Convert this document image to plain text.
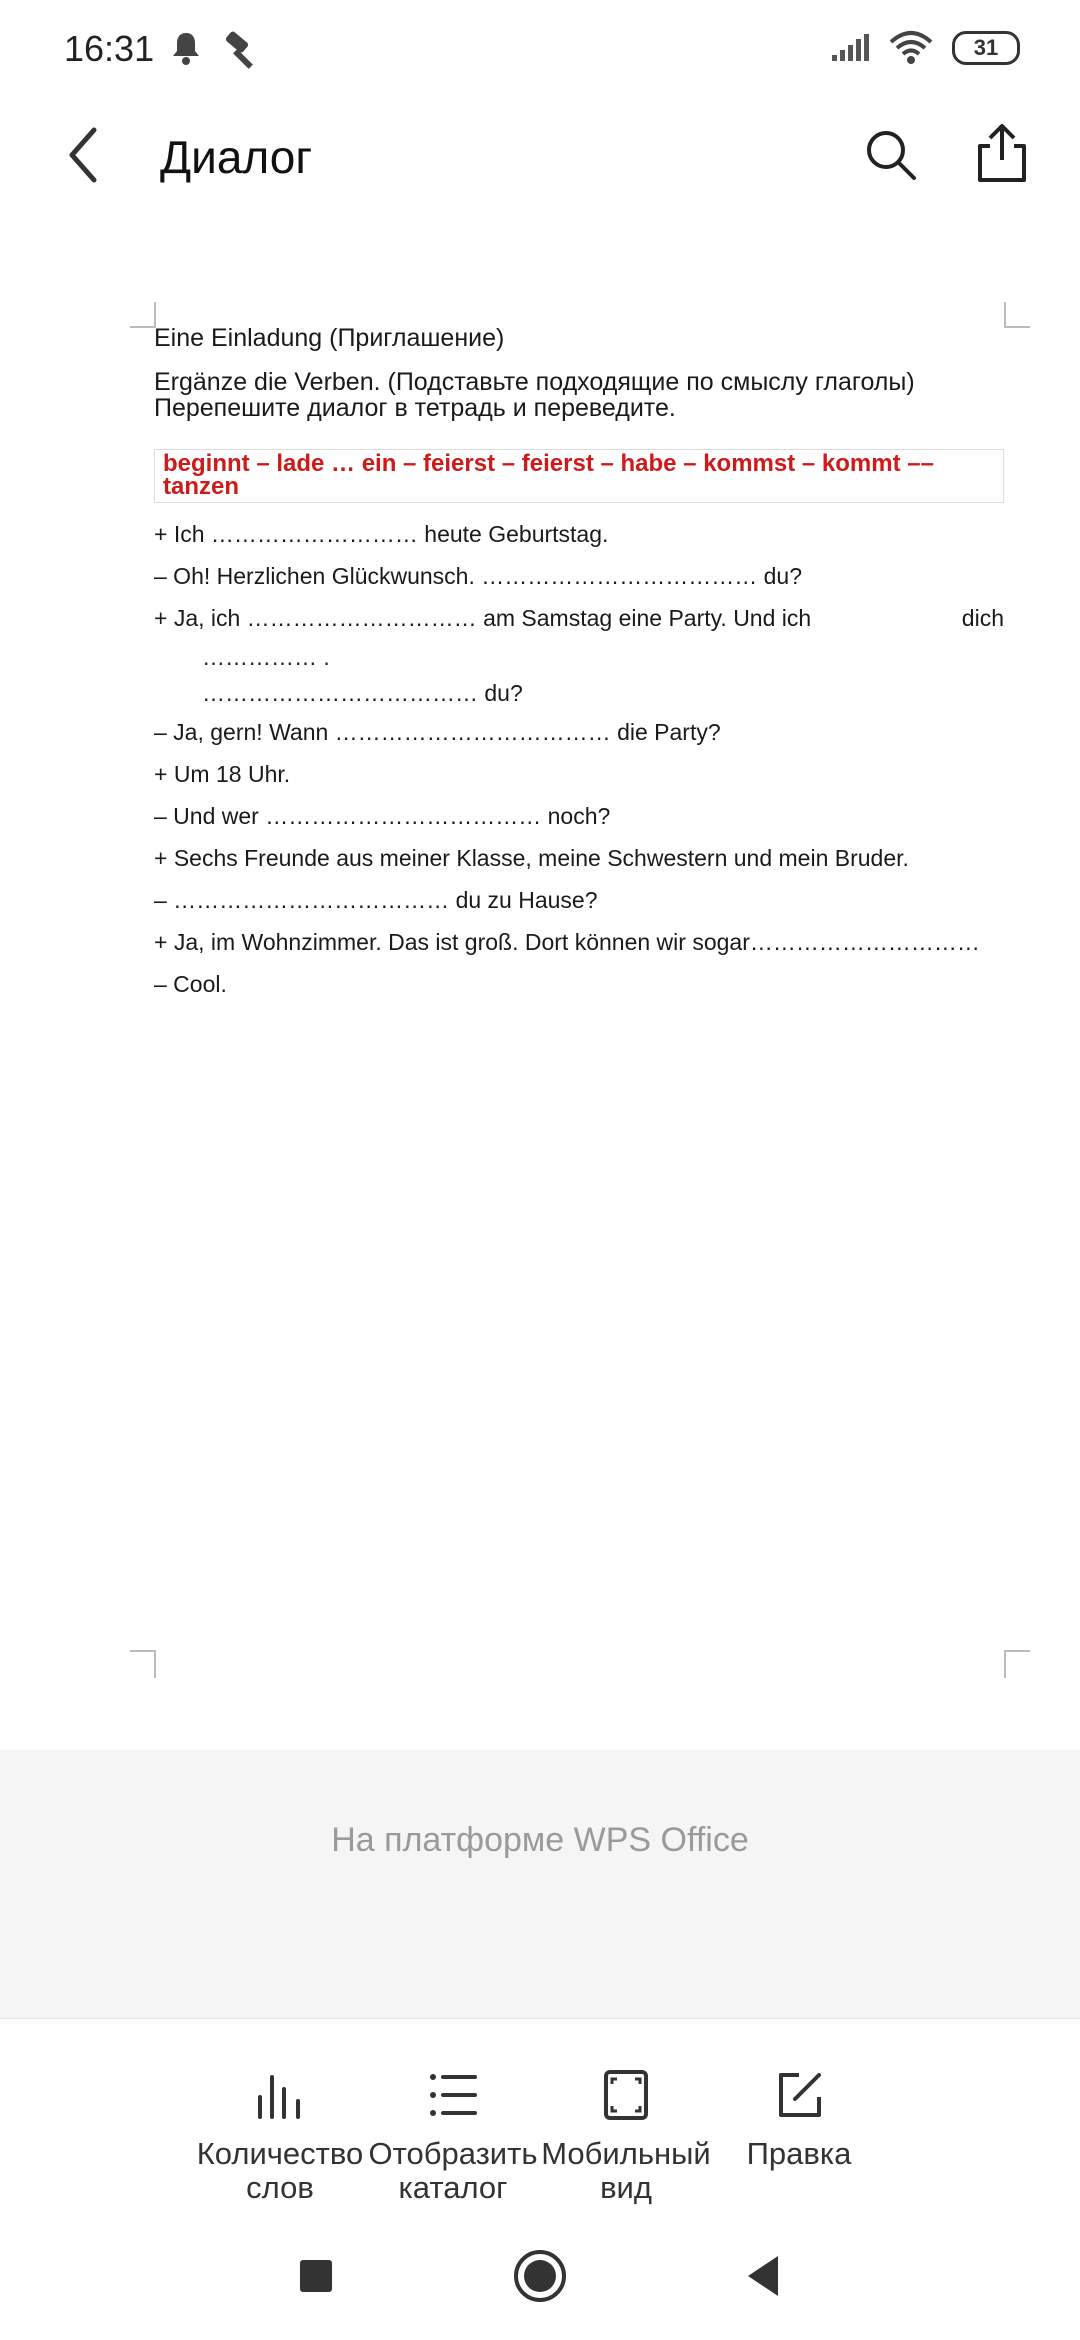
16:31	31
Диалог
Eine Einladung (Приглашение)
Ergänze die Verben. (Подставьте подходящие по смыслу глаголы)
Перепешите диалог в тетрадь и переведите.
beginnt – lade … ein – feierst – feierst – habe – kommst – kommt –– tanzen
+ Ich ……………………… heute Geburtstag.
– Oh! Herzlichen Glückwunsch. ……………………………… du?
+ Ja, ich ………………………… am Samstag eine Party. Und ich	dich
…………… .
……………………………… du?
– Ja, gern! Wann ……………………………… die Party?
+ Um 18 Uhr.
– Und wer ……………………………… noch?
+ Sechs Freunde aus meiner Klasse, meine Schwestern und mein Bruder.
– ……………………………… du zu Hause?
+ Ja, im Wohnzimmer. Das ist groß. Dort können wir sogar…………………………
– Cool.
На платформе WPS Office
Количество
слов
Отобразить
каталог
Мобильный
вид
Правка
